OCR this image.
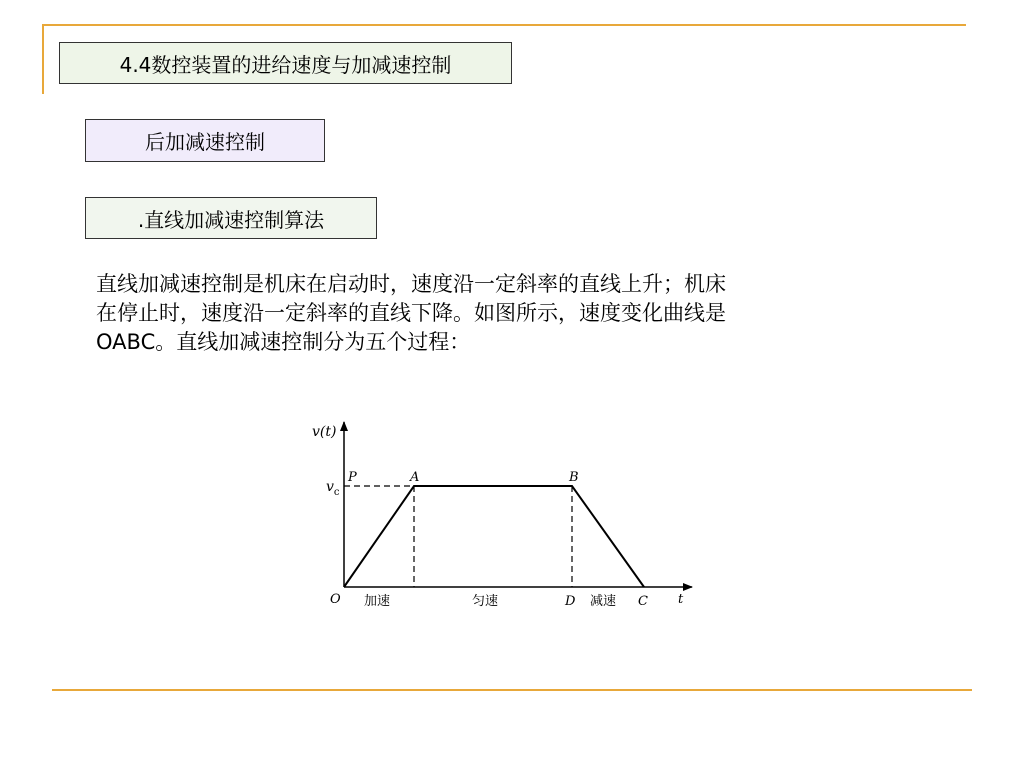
4.4数控装置的进给速度与加减速控制
后加减速控制
.直线加减速控制算法
直线加减速控制是机床在启动时，速度沿一定斜率的直线上升；机床
在停止时，速度沿一定斜率的直线下降。如图所示，速度变化曲线是
OABC。直线加减速控制分为五个过程：
v(t)
$v_c$
P	A	B
O	D	C t
加速	匀速	减速
